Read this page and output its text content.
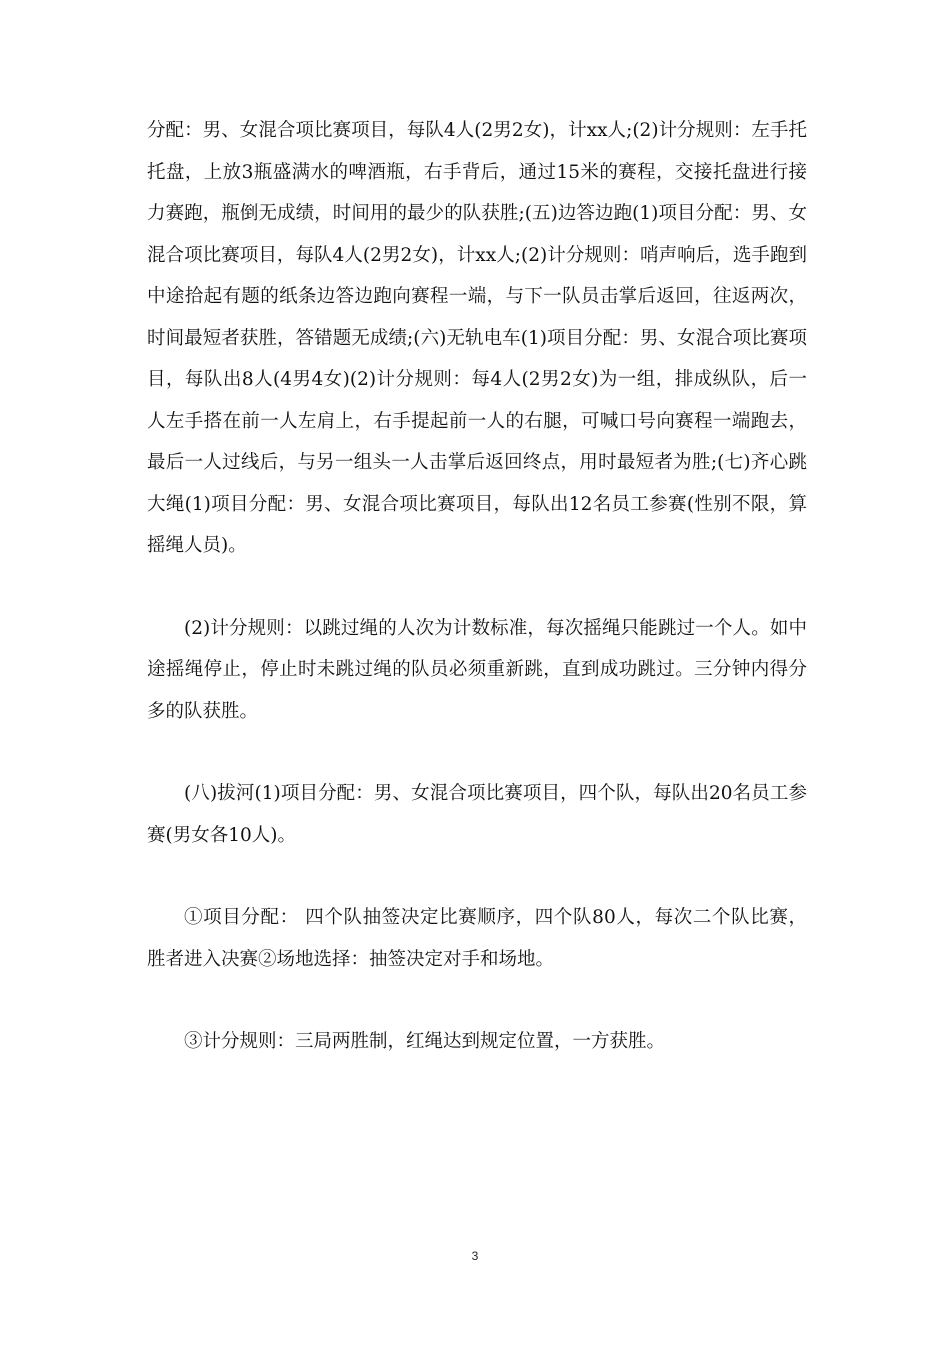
分配：男、女混合项比赛项目，每队4人(2男2女)，计xx人;(2)计分规则：左手托托盘，上放3瓶盛满水的啤酒瓶，右手背后，通过15米的赛程，交接托盘进行接力赛跑，瓶倒无成绩，时间用的最少的队获胜;(五)边答边跑(1)项目分配：男、女混合项比赛项目，每队4人(2男2女)，计xx人;(2)计分规则：哨声响后，选手跑到中途拾起有题的纸条边答边跑向赛程一端，与下一队员击掌后返回，往返两次，时间最短者获胜，答错题无成绩;(六)无轨电车(1)项目分配：男、女混合项比赛项目，每队出8人(4男4女)(2)计分规则：每4人(2男2女)为一组，排成纵队，后一人左手搭在前一人左肩上，右手提起前一人的右腿，可喊口号向赛程一端跑去，最后一人过线后，与另一组头一人击掌后返回终点，用时最短者为胜;(七)齐心跳大绳(1)项目分配：男、女混合项比赛项目，每队出12名员工参赛(性别不限，算摇绳人员)。

(2)计分规则：以跳过绳的人次为计数标准，每次摇绳只能跳过一个人。如中途摇绳停止，停止时未跳过绳的队员必须重新跳，直到成功跳过。三分钟内得分多的队获胜。

(八)拔河(1)项目分配：男、女混合项比赛项目，四个队，每队出20名员工参赛(男女各10人)。

①项目分配： 四个队抽签决定比赛顺序，四个队80人，每次二个队比赛， 胜者进入决赛②场地选择：抽签决定对手和场地。

③计分规则：三局两胜制，红绳达到规定位置，一方获胜。

3
